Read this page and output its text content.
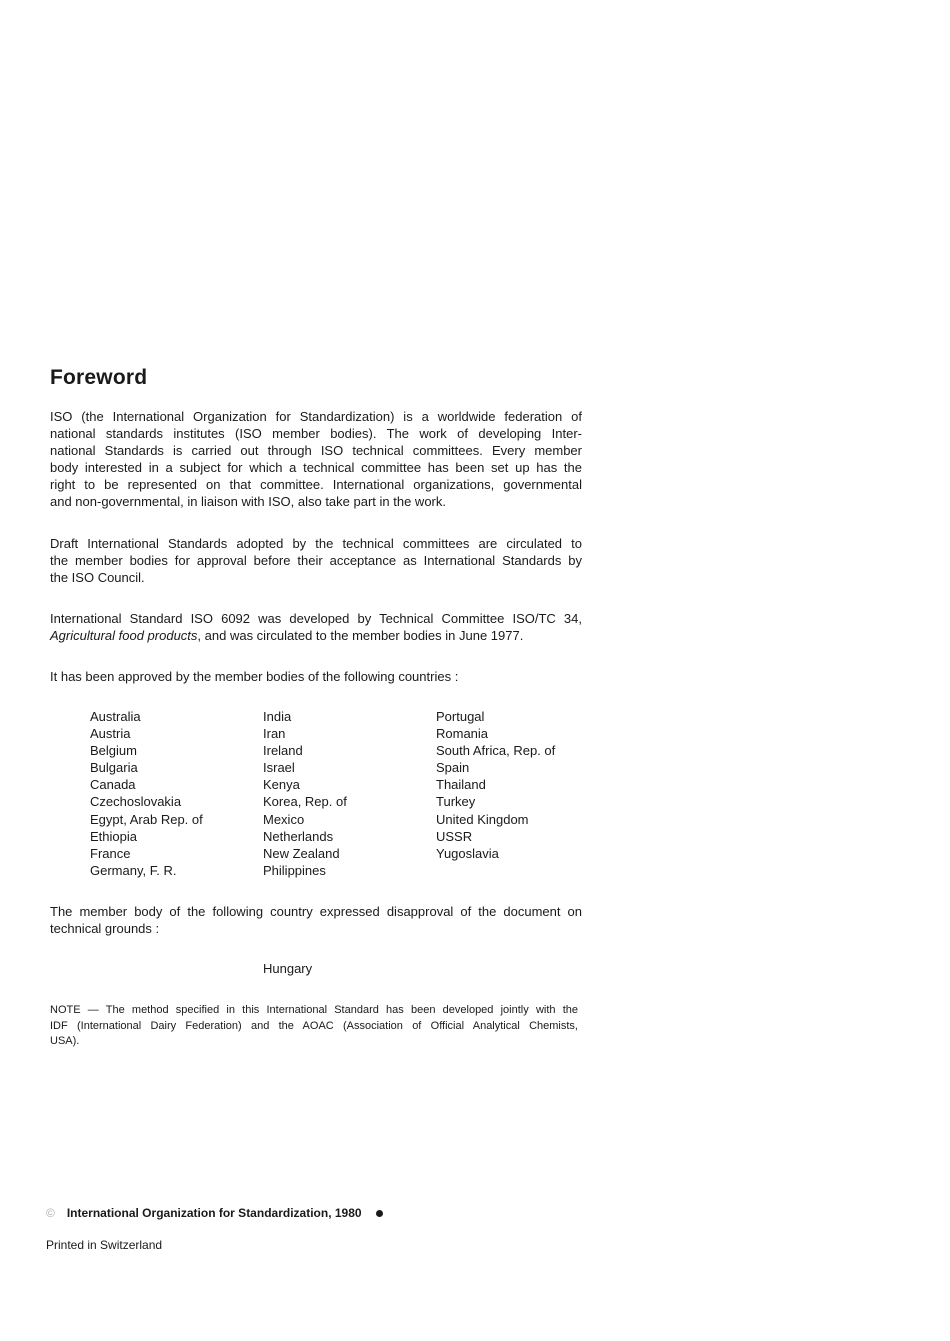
Foreword

ISO (the International Organization for Standardization) is a worldwide federation of
national standards institutes (ISO member bodies). The work of developing Inter-
national Standards is carried out through ISO technical committees. Every member
body interested in a subject for which a technical committee has been set up has the
right to be represented on that committee. International organizations, governmental
and non-governmental, in liaison with ISO, also take part in the work.

Draft International Standards adopted by the technical committees are circulated to
the member bodies for approval before their acceptance as International Standards by
the ISO Council.

International Standard ISO 6092 was developed by Technical Committee ISO/TC 34,
Agricultural food products, and was circulated to the member bodies in June 1977.

It has been approved by the member bodies of the following countries :

Australia
Austria
Belgium
Bulgaria
Canada
Czechoslovakia
Egypt, Arab Rep. of
Ethiopia
France
Germany, F. R.
India
Iran
Ireland
Israel
Kenya
Korea, Rep. of
Mexico
Netherlands
New Zealand
Philippines
Portugal
Romania
South Africa, Rep. of
Spain
Thailand
Turkey
United Kingdom
USSR
Yugoslavia

The member body of the following country expressed disapproval of the document on
technical grounds :

Hungary

NOTE — The method specified in this International Standard has been developed jointly with the
IDF (International Dairy Federation) and the AOAC (Association of Official Analytical Chemists,
USA).

© International Organization for Standardization, 1980
Printed in Switzerland
